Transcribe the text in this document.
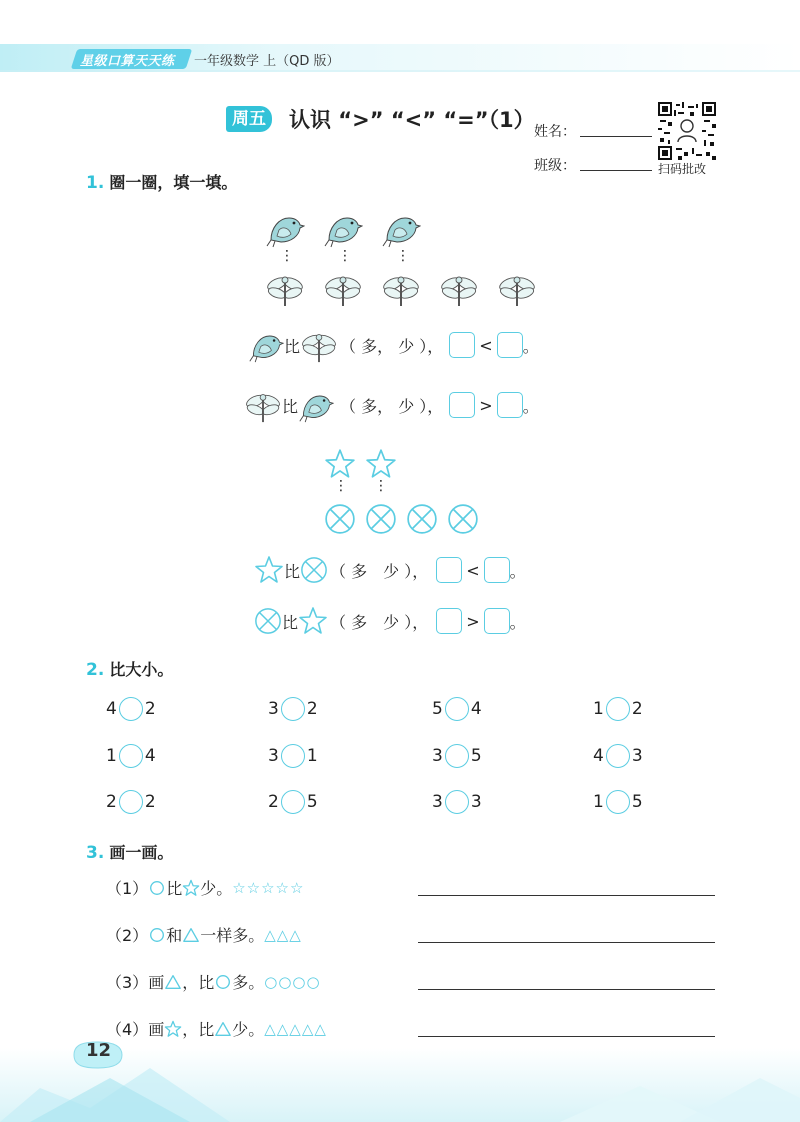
星级口算天天练 一年级数学 上（QD 版）
周五 认识 “>” “<” “=”（1） 姓名：
班级：	扫码批改
1. 圈一圈，填一填。
⋮	⋮	⋮
比	（ 多， 少 ）， < 。
比	（ 多， 少 ）， > 。
⋮ ⋮
比 （ 多　少 ）， < 。
比 （ 多　少 ）， > 。
2. 比大小。
4 2	3 2	5 4	1 2
1 4	3 1	3 5	4 3
2 2	2 5	3 3	1 5
3. 画一画。
（1） 比 少。 ☆☆☆☆☆
（2） 和 一样多。 △△△
（3） 画 ，比 多。 ○○○○
（4） 画 ，比 少。 △△△△△
12
